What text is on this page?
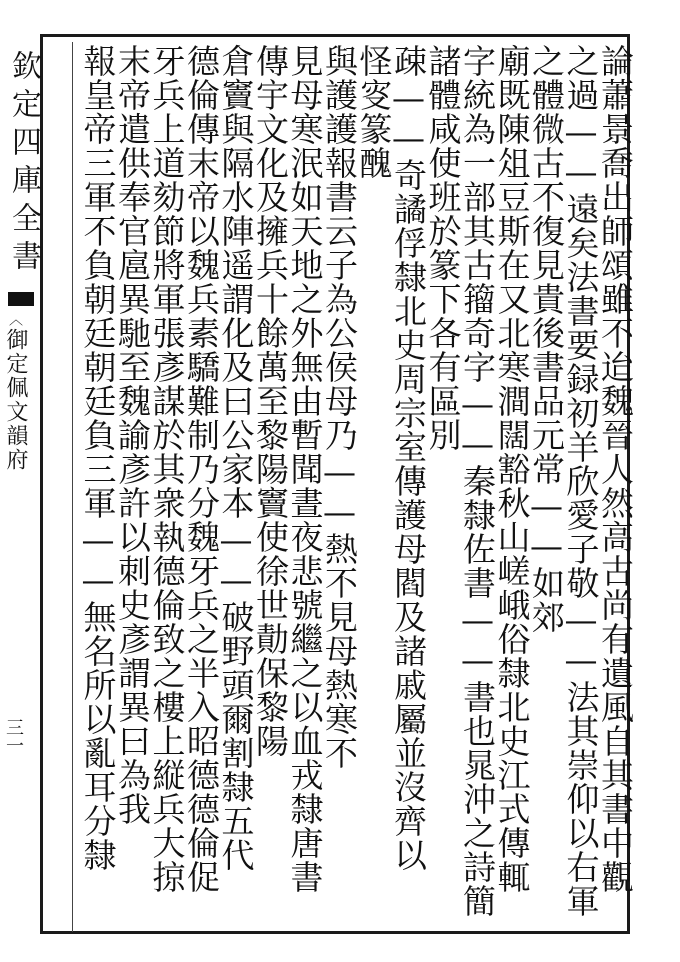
欽定四庫全書
〈御定佩文韻府
三一	論蕭景喬出師頌雖不迨魏晉人然高古尚有遺風自其書中觀
之過——遠矣法書要録初羊欣愛子敬——法其崇仰以右軍
之體微古不復見貴後書品元常——如郊
廟既陳俎豆斯在又北寒澗闊豁秋山嵯峨俗隸北史江式傳輒
字統為一部其古籀奇字——秦隸佐書——書也晁沖之詩簡
諸體咸使班於篆下各有區別
疎——奇譎俘隸北史周宗室傳護母閻及諸戚屬並沒齊以
怪叜篆醜
與護護報書云子為公侯母乃——熱不見母熱寒不
見母寒泯如天地之外無由暫聞晝夜悲號繼之以血戎隸唐書
傳宇文化及擁兵十餘萬至黎陽竇使徐世勣保黎陽
倉竇與隔水陣遥謂化及曰公家本——破野頭爾割隸五代
德倫傳末帝以魏兵素驕難制乃分魏牙兵之半入昭德德倫促
牙兵上道劾節將軍張彥謀於其衆執德倫致之樓上縦兵大掠
末帝遣供奉官扈異馳至魏諭彥許以刺史彥謂異曰為我
報皇帝三軍不負朝廷朝廷負三軍——無名所以亂耳分隸
